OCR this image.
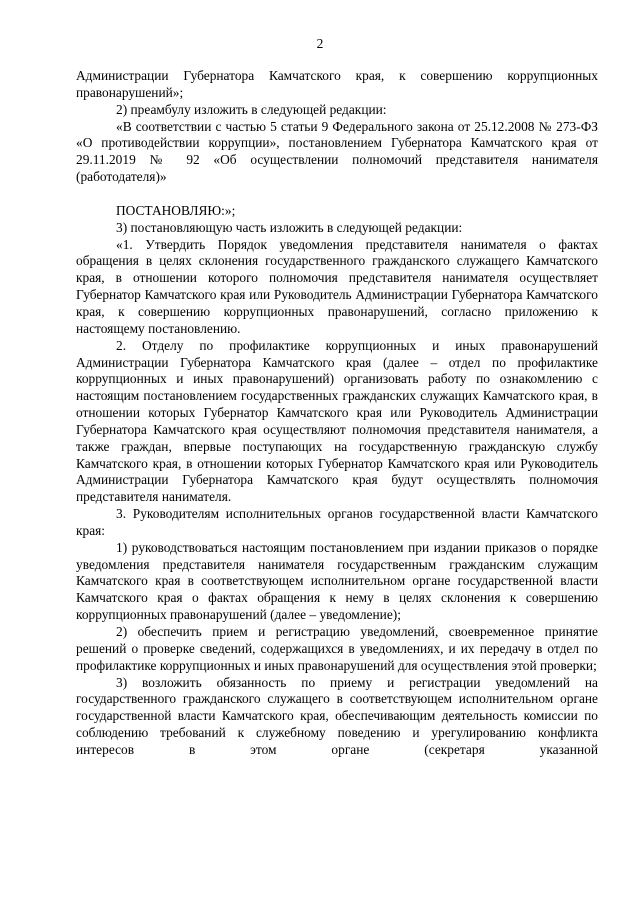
2

Администрации Губернатора Камчатского края, к совершению коррупционных правонарушений»;

2) преамбулу изложить в следующей редакции:

«В соответствии с частью 5 статьи 9 Федерального закона от 25.12.2008 № 273-ФЗ «О противодействии коррупции», постановлением Губернатора Камчатского края от 29.11.2019 № 92 «Об осуществлении полномочий представителя нанимателя (работодателя)»

ПОСТАНОВЛЯЮ:»;

3) постановляющую часть изложить в следующей редакции:

«1. Утвердить Порядок уведомления представителя нанимателя о фактах обращения в целях склонения государственного гражданского служащего Камчатского края, в отношении которого полномочия представителя нанимателя осуществляет Губернатор Камчатского края или Руководитель Администрации Губернатора Камчатского края, к совершению коррупционных правонарушений, согласно приложению к настоящему постановлению.

2. Отделу по профилактике коррупционных и иных правонарушений Администрации Губернатора Камчатского края (далее – отдел по профилактике коррупционных и иных правонарушений) организовать работу по ознакомлению с настоящим постановлением государственных гражданских служащих Камчатского края, в отношении которых Губернатор Камчатского края или Руководитель Администрации Губернатора Камчатского края осуществляют полномочия представителя нанимателя, а также граждан, впервые поступающих на государственную гражданскую службу Камчатского края, в отношении которых Губернатор Камчатского края или Руководитель Администрации Губернатора Камчатского края будут осуществлять полномочия представителя нанимателя.

3. Руководителям исполнительных органов государственной власти Камчатского края:

1) руководствоваться настоящим постановлением при издании приказов о порядке уведомления представителя нанимателя государственным гражданским служащим Камчатского края в соответствующем исполнительном органе государственной власти Камчатского края о фактах обращения к нему в целях склонения к совершению коррупционных правонарушений (далее – уведомление);

2) обеспечить прием и регистрацию уведомлений, своевременное принятие решений о проверке сведений, содержащихся в уведомлениях, и их передачу в отдел по профилактике коррупционных и иных правонарушений для осуществления этой проверки;

3) возложить обязанность по приему и регистрации уведомлений на государственного гражданского служащего в соответствующем исполнительном органе государственной власти Камчатского края, обеспечивающим деятельность комиссии по соблюдению требований к служебному поведению и урегулированию конфликта интересов в этом органе (секретаря указанной
